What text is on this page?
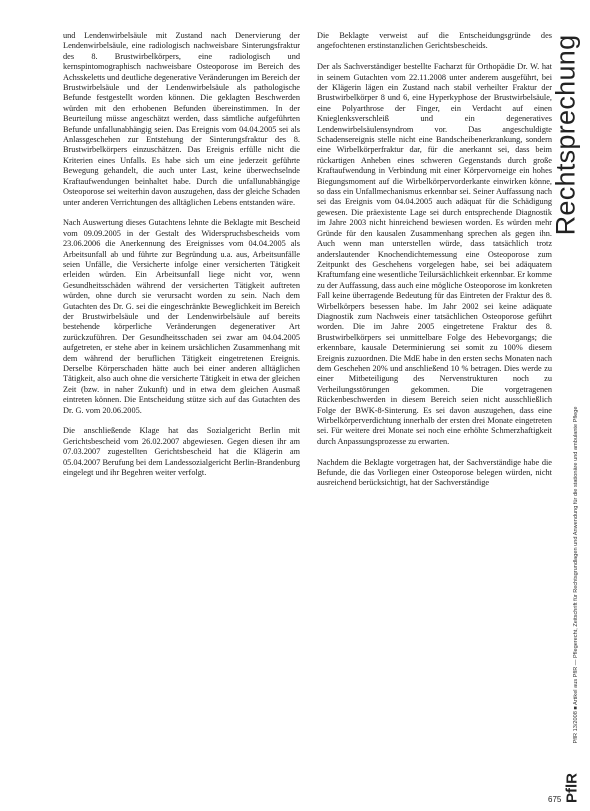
und Lendenwirbelsäule mit Zustand nach Denervierung der Lendenwirbelsäule, eine radiologisch nachweisbare Sinterungsfraktur des 8. Brustwirbelkörpers, eine radiologisch und kernspintomographisch nachweisbare Osteoporose im Bereich des Achsskeletts und deutliche degenerative Veränderungen im Bereich der Brustwirbelsäule und der Lendenwirbelsäule als pathologische Befunde festgestellt worden können. Die geklagten Beschwerden würden mit den erhobenen Befunden übereinstimmen. In der Beurteilung müsse angeschätzt werden, dass sämtliche aufgeführten Befunde unfallunabhängig seien. Das Ereignis vom 04.04.2005 sei als Anlassgeschehen zur Entstehung der Sinterungsfraktur des 8. Brustwirbelkörpers einzuschätzen. Das Ereignis erfülle nicht die Kriterien eines Unfalls. Es habe sich um eine jederzeit geführte Bewegung gehandelt, die auch unter Last, keine überwechselnde Kraftaufwendungen beinhaltet habe. Durch die unfallunabhängige Osteoporose sei weiterhin davon auszugehen, dass der gleiche Schaden unter anderen Verrichtungen des alltäglichen Lebens entstanden wäre.

Nach Auswertung dieses Gutachtens lehnte die Beklagte mit Bescheid vom 09.09.2005 in der Gestalt des Widerspruchsbescheids vom 23.06.2006 die Anerkennung des Ereignisses vom 04.04.2005 als Arbeitsunfall ab und führte zur Begründung u.a. aus, Arbeitsunfälle seien Unfälle, die Versicherte infolge einer versicherten Tätigkeit erleiden würden. Ein Arbeitsunfall liege nicht vor, wenn Gesundheitsschäden während der versicherten Tätigkeit auftreten würden, ohne durch sie verursacht worden zu sein. Nach dem Gutachten des Dr. G. sei die eingeschränkte Beweglichkeit im Bereich der Brustwirbelsäule und der Lendenwirbelsäule auf bereits bestehende körperliche Veränderungen degenerativer Art zurückzuführen. Der Gesundheitsschaden sei zwar am 04.04.2005 aufgetreten, er stehe aber in keinem ursächlichen Zusammenhang mit dem während der beruflichen Tätigkeit eingetretenen Ereignis. Derselbe Körperschaden hätte auch bei einer anderen alltäglichen Tätigkeit, also auch ohne die versicherte Tätigkeit in etwa der gleichen Zeit (bzw. in naher Zukunft) und in etwa dem gleichen Ausmaß eintreten können. Die Entscheidung stütze sich auf das Gutachten des Dr. G. vom 20.06.2005.

Die anschließende Klage hat das Sozialgericht Berlin mit Gerichtsbescheid vom 26.02.2007 abgewiesen. Gegen diesen ihr am 07.03.2007 zugestellten Gerichtsbescheid hat die Klägerin am 05.04.2007 Berufung bei dem Landessozialgericht Berlin-Brandenburg eingelegt und ihr Begehren weiter verfolgt.

Die Beklagte verweist auf die Entscheidungsgründe des angefochtenen erstinstanzlichen Gerichtsbescheids.

Der als Sachverständiger bestellte Facharzt für Orthopädie Dr. W. hat in seinem Gutachten vom 22.11.2008 unter anderem ausgeführt, bei der Klägerin lägen ein Zustand nach stabil verheilter Fraktur der Brustwirbelkörper 8 und 6, eine Hyperkyphose der Brustwirbelsäule, eine Polyarthrose der Finger, ein Verdacht auf einen Knieglenksverschleiß und ein degeneratives Lendenwirbelsäulensyndrom vor. Das angeschuldigte Schadensereignis stelle nicht eine Bandscheibenerkrankung, sondern eine Wirbelkörperfraktur dar, für die anerkannt sei, dass beim rückartigen Anheben eines schweren Gegenstands durch große Kraftaufwendung in Verbindung mit einer Körpervorneige ein hohes Biegungsmoment auf die Wirbelkörpervorderkante einwirken könne, so dass ein Unfallmechanismus erkennbar sei. Seiner Auffassung nach sei das Ereignis vom 04.04.2005 auch adäquat für die Schädigung gewesen. Die präexistente Lage sei durch entsprechende Diagnostik im Jahre 2003 nicht hinreichend bewiesen worden. Es würden mehr Gründe für den kausalen Zusammenhang sprechen als gegen ihn. Auch wenn man unterstellen würde, dass tatsächlich trotz anderslautender Knochendichtemessung eine Osteoporose zum Zeitpunkt des Geschehens vorgelegen habe, sei bei adäquatem Kraftumfang eine wesentliche Teilursächlichkeit erkennbar. Er komme zu der Auffassung, dass auch eine mögliche Osteoporose im konkreten Fall keine überragende Bedeutung für das Eintreten der Fraktur des 8. Wirbelkörpers besessen habe. Im Jahr 2002 sei keine adäquate Diagnostik zum Nachweis einer tatsächlichen Osteoporose geführt worden. Die im Jahre 2005 eingetretene Fraktur des 8. Brustwirbelkörpers sei unmittelbare Folge des Hebevorgangs; die erkennbare, kausale Determinierung sei somit zu 100% diesem Ereignis zuzuordnen. Die MdE habe in den ersten sechs Monaten nach dem Geschehen 20% und anschließend 10 % betragen. Dies werde zu einer Mitbeteiligung des Nervenstrukturen noch zu Verheilungsstörungen gekommen. Die vorgetragenen Rückenbeschwerden in diesem Bereich seien nicht ausschließlich Folge der BWK-8-Sinterung. Es sei davon auszugehen, dass eine Wirbelkörperverdichtung innerhalb der ersten drei Monate eingetreten sei. Für weitere drei Monate sei noch eine erhöhte Schmerzhaftigkeit durch Anpassungsprozesse zu erwarten.

Nachdem die Beklagte vorgetragen hat, der Sachverständige habe die Befunde, die das Vorliegen einer Osteoporose belegen würden, nicht ausreichend berücksichtigt, hat der Sachverständige

Rechtsprechung
PflR 13/2008 ■ Artikel aus PflR — Pflegerecht, Zeitschrift für Rechtsgrundlagen und Anwendung für die stationäre und ambulante Pflege
PflR
675
